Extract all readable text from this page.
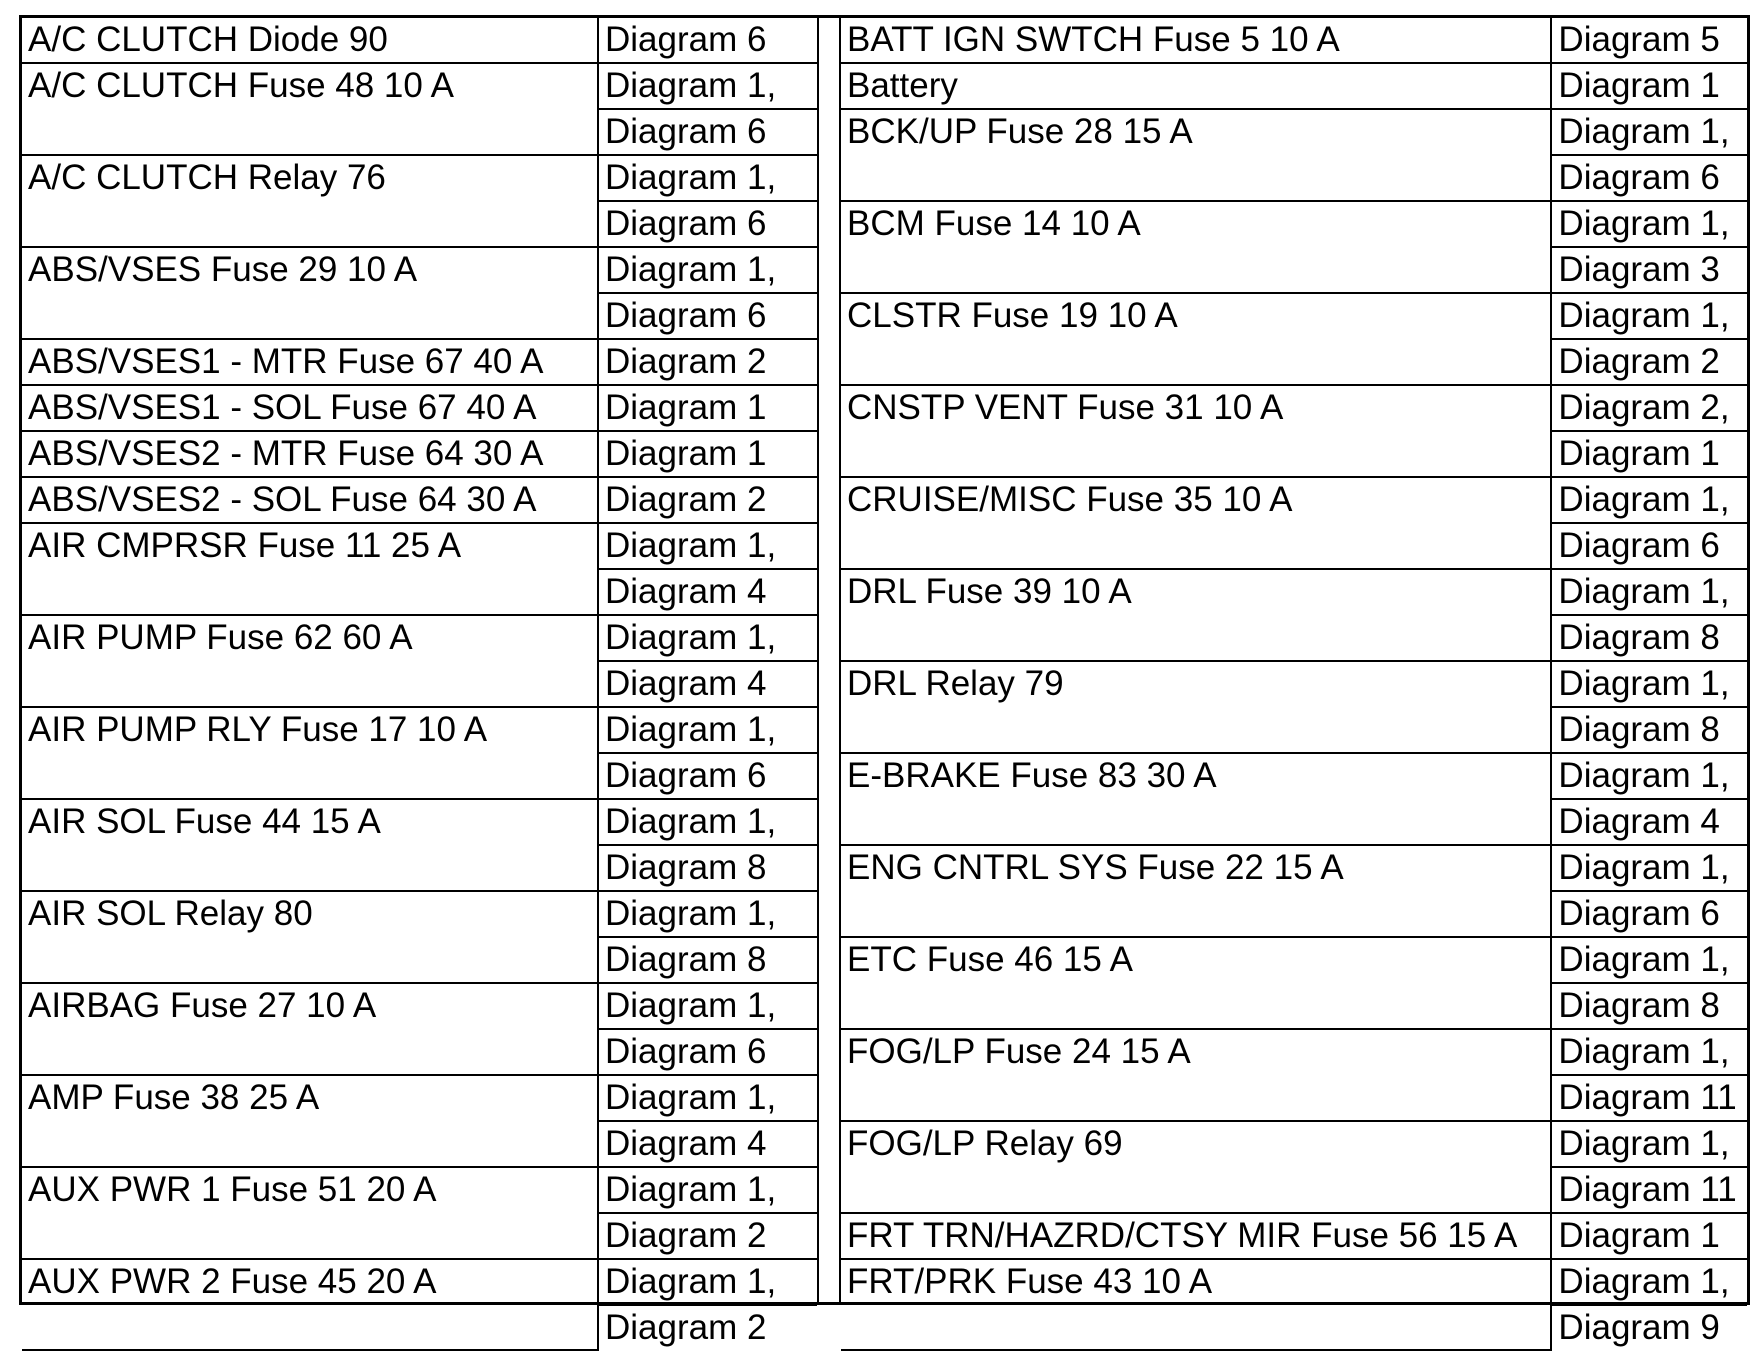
A/C CLUTCH Diode 90	Diagram 6
A/C CLUTCH Fuse 48 10 A	Diagram 1,
	Diagram 6
A/C CLUTCH Relay 76	Diagram 1,
	Diagram 6
ABS/VSES Fuse 29 10 A	Diagram 1,
	Diagram 6
ABS/VSES1 - MTR Fuse 67 40 A	Diagram 2
ABS/VSES1 - SOL Fuse 67 40 A	Diagram 1
ABS/VSES2 - MTR Fuse 64 30 A	Diagram 1
ABS/VSES2 - SOL Fuse 64 30 A	Diagram 2
AIR CMPRSR Fuse 11 25 A	Diagram 1,
	Diagram 4
AIR PUMP Fuse 62 60 A	Diagram 1,
	Diagram 4
AIR PUMP RLY Fuse 17 10 A	Diagram 1,
	Diagram 6
AIR SOL Fuse 44 15 A	Diagram 1,
	Diagram 8
AIR SOL Relay 80	Diagram 1,
	Diagram 8
AIRBAG Fuse 27 10 A	Diagram 1,
	Diagram 6
AMP Fuse 38 25 A	Diagram 1,
	Diagram 4
AUX PWR 1 Fuse 51 20 A	Diagram 1,
	Diagram 2
AUX PWR 2 Fuse 45 20 A	Diagram 1,
	Diagram 2
BATT IGN SWTCH Fuse 5 10 A	Diagram 5
Battery	Diagram 1
BCK/UP Fuse 28 15 A	Diagram 1,
	Diagram 6
BCM Fuse 14 10 A	Diagram 1,
	Diagram 3
CLSTR Fuse 19 10 A	Diagram 1,
	Diagram 2
CNSTP VENT Fuse 31 10 A	Diagram 2,
	Diagram 1
CRUISE/MISC Fuse 35 10 A	Diagram 1,
	Diagram 6
DRL Fuse 39 10 A	Diagram 1,
	Diagram 8
DRL Relay 79	Diagram 1,
	Diagram 8
E-BRAKE Fuse 83 30 A	Diagram 1,
	Diagram 4
ENG CNTRL SYS Fuse 22 15 A	Diagram 1,
	Diagram 6
ETC Fuse 46 15 A	Diagram 1,
	Diagram 8
FOG/LP Fuse 24 15 A	Diagram 1,
	Diagram 11
FOG/LP Relay 69	Diagram 1,
	Diagram 11
FRT TRN/HAZRD/CTSY MIR Fuse 56 15 A	Diagram 1
FRT/PRK Fuse 43 10 A	Diagram 1,
	Diagram 9
